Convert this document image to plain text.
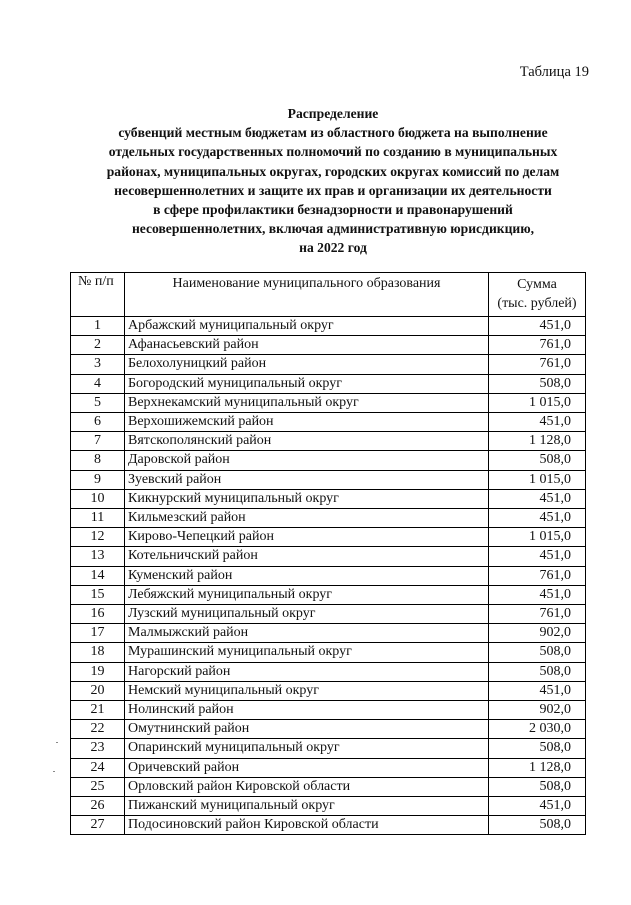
Таблица 19
Распределение
субвенций местным бюджетам из областного бюджета на выполнение
отдельных государственных полномочий по созданию в муниципальных
районах, муниципальных округах, городских округах комиссий по делам
несовершеннолетних и защите их прав и организации их деятельности
в сфере профилактики безнадзорности и правонарушений
несовершеннолетних, включая административную юрисдикцию,
на 2022 год
№ п/п	Наименование муниципального образования	Сумма
(тыс. рублей)

1	Арбажский муниципальный округ	451,0
2	Афанасьевский район	761,0
3	Белохолуницкий район	761,0
4	Богородский муниципальный округ	508,0
5	Верхнекамский муниципальный округ	1 015,0
6	Верхошижемский район	451,0
7	Вятскополянский район	1 128,0
8	Даровской район	508,0
9	Зуевский район	1 015,0
10	Кикнурский муниципальный округ	451,0
11	Кильмезский район	451,0
12	Кирово-Чепецкий район	1 015,0
13	Котельничский район	451,0
14	Куменский район	761,0
15	Лебяжский муниципальный округ	451,0
16	Лузский муниципальный округ	761,0
17	Малмыжский район	902,0
18	Мурашинский муниципальный округ	508,0
19	Нагорский район	508,0
20	Немский муниципальный округ	451,0
21	Нолинский район	902,0
22	Омутнинский район	2 030,0
23	Опаринский муниципальный округ	508,0
24	Оричевский район	1 128,0
25	Орловский район Кировской области	508,0
26	Пижанский муниципальный округ	451,0
27	Подосиновский район Кировской области	508,0
